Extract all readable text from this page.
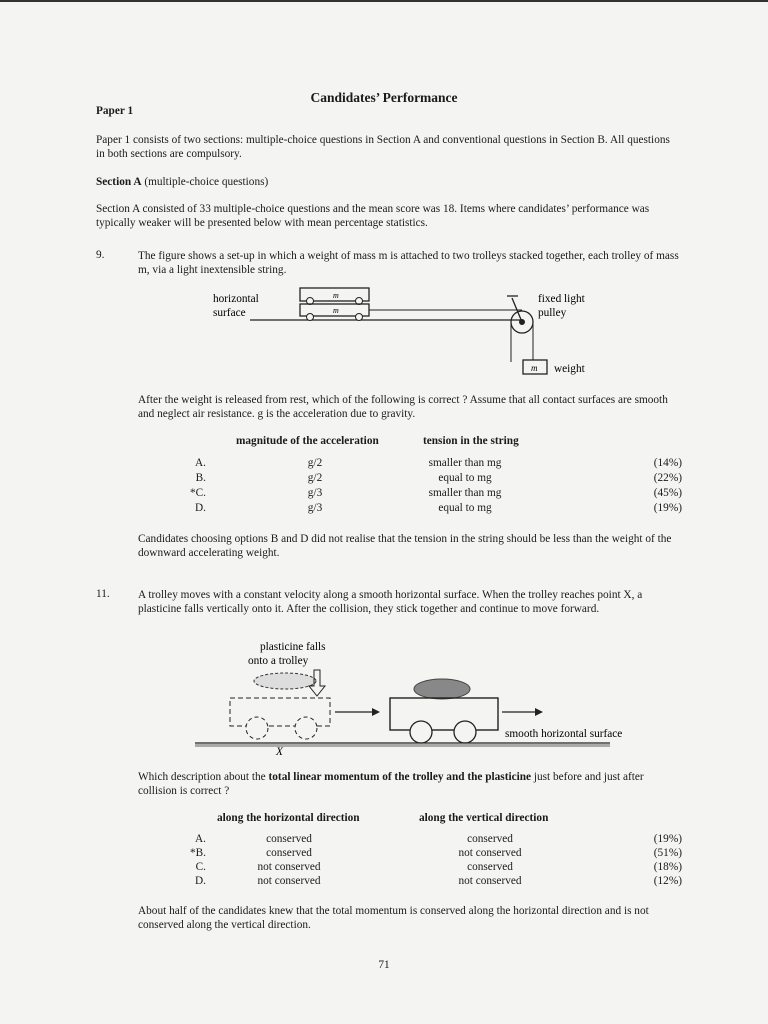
Candidates’ Performance

Paper 1

Paper 1 consists of two sections: multiple-choice questions in Section A and conventional questions in Section B. All questions in both sections are compulsory.

Section A (multiple-choice questions)

Section A consisted of 33 multiple-choice questions and the mean score was 18. Items where candidates’ performance was typically weaker will be presented below with mean percentage statistics.

9.	The figure shows a set-up in which a weight of mass m is attached to two trolleys stacked together, each trolley of mass m, via a light inextensible string.

horizontal
surface
m
m
fixed light
pulley
m weight

After the weight is released from rest, which of the following is correct ? Assume that all contact surfaces are smooth and neglect air resistance. g is the acceleration due to gravity.

magnitude of the acceleration	tension in the string
A.	g/2	smaller than mg	(14%)
B.	g/2	equal to mg	(22%)
*C.	g/3	smaller than mg	(45%)
D.	g/3	equal to mg	(19%)

Candidates choosing options B and D did not realise that the tension in the string should be less than the weight of the downward accelerating weight.

11.	A trolley moves with a constant velocity along a smooth horizontal surface. When the trolley reaches point X, a plasticine falls vertically onto it. After the collision, they stick together and continue to move forward.

plasticine falls
onto a trolley
smooth horizontal surface
X

Which description about the total linear momentum of the trolley and the plasticine just before and just after collision is correct ?

along the horizontal direction	along the vertical direction
A.	conserved	conserved	(19%)
*B.	conserved	not conserved	(51%)
C.	not conserved	conserved	(18%)
D.	not conserved	not conserved	(12%)

About half of the candidates knew that the total momentum is conserved along the horizontal direction and is not conserved along the vertical direction.

71
